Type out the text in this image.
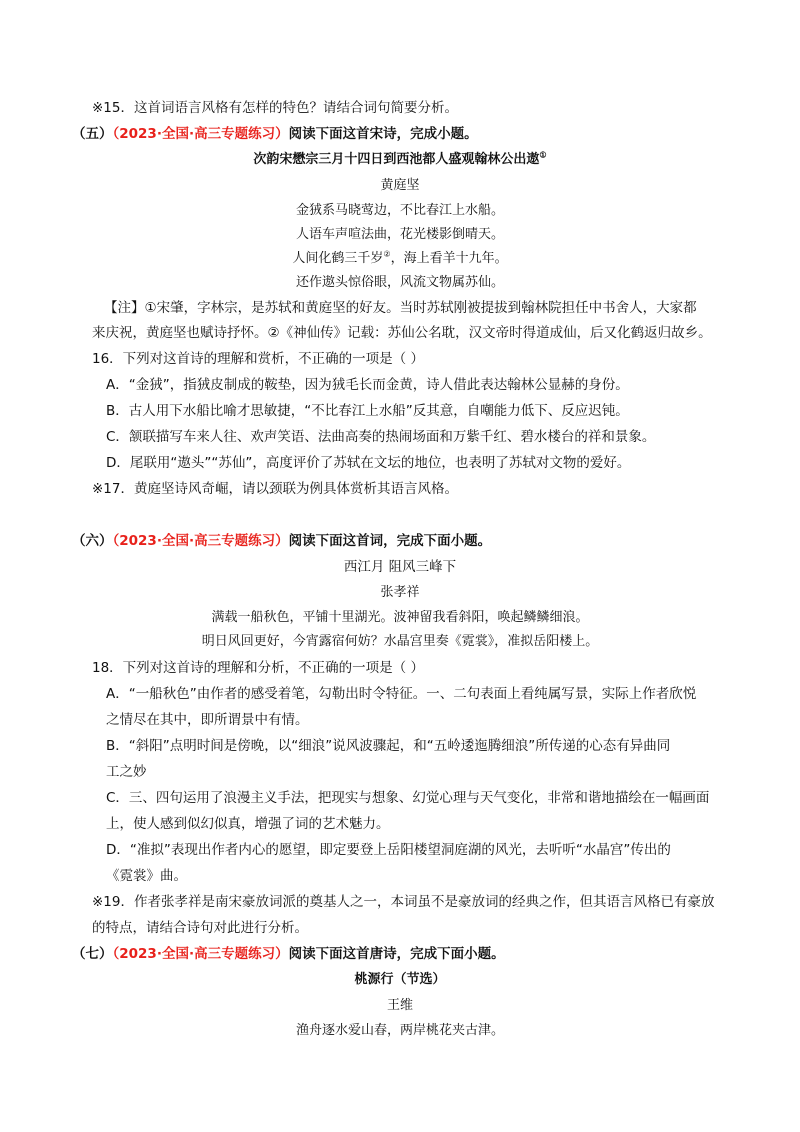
※15．这首词语言风格有怎样的特色？请结合词句简要分析。
（五）（2023·全国·高三专题练习）阅读下面这首宋诗，完成小题。
次韵宋懋宗三月十四日到西池都人盛观翰林公出遨①
黄庭坚
金狨系马晓莺边，不比春江上水船。
人语车声喧法曲，花光楼影倒晴天。
人间化鹤三千岁②，海上看羊十九年。
还作遨头惊俗眼，风流文物属苏仙。
【注】①宋肇，字林宗，是苏轼和黄庭坚的好友。当时苏轼刚被提拔到翰林院担任中书舍人，大家都
来庆祝，黄庭坚也赋诗抒怀。②《神仙传》记载：苏仙公名耽，汉文帝时得道成仙，后又化鹤返归故乡。
16．下列对这首诗的理解和赏析，不正确的一项是（ ）
A．“金狨”，指狨皮制成的鞍垫，因为狨毛长而金黄，诗人借此表达翰林公显赫的身份。
B．古人用下水船比喻才思敏捷，“不比春江上水船”反其意，自嘲能力低下、反应迟钝。
C．颔联描写车来人往、欢声笑语、法曲高奏的热闹场面和万紫千红、碧水楼台的祥和景象。
D．尾联用“遨头”“苏仙”，高度评价了苏轼在文坛的地位，也表明了苏轼对文物的爱好。
※17．黄庭坚诗风奇崛，请以颈联为例具体赏析其语言风格。
（六）（2023·全国·高三专题练习）阅读下面这首词，完成下面小题。
西江月 阻风三峰下
张孝祥
满载一船秋色，平铺十里湖光。波神留我看斜阳，唤起鳞鳞细浪。
明日风回更好，今宵露宿何妨？水晶宫里奏《霓裳》，准拟岳阳楼上。
18．下列对这首诗的理解和分析，不正确的一项是（ ）
A．“一船秋色”由作者的感受着笔，勾勒出时令特征。一、二句表面上看纯属写景，实际上作者欣悦
之情尽在其中，即所谓景中有情。
B．“斜阳”点明时间是傍晚，以“细浪”说风波骤起，和“五岭逶迤腾细浪”所传递的心态有异曲同
工之妙
C．三、四句运用了浪漫主义手法，把现实与想象、幻觉心理与天气变化，非常和谐地描绘在一幅画面
上，使人感到似幻似真，增强了词的艺术魅力。
D．“准拟”表现出作者内心的愿望，即定要登上岳阳楼望洞庭湖的风光，去听听“水晶宫”传出的
《霓裳》曲。
※19．作者张孝祥是南宋豪放词派的奠基人之一，本词虽不是豪放词的经典之作，但其语言风格已有豪放
的特点，请结合诗句对此进行分析。
（七）（2023·全国·高三专题练习）阅读下面这首唐诗，完成下面小题。
桃源行（节选）
王维
渔舟逐水爱山春，两岸桃花夹古津。
